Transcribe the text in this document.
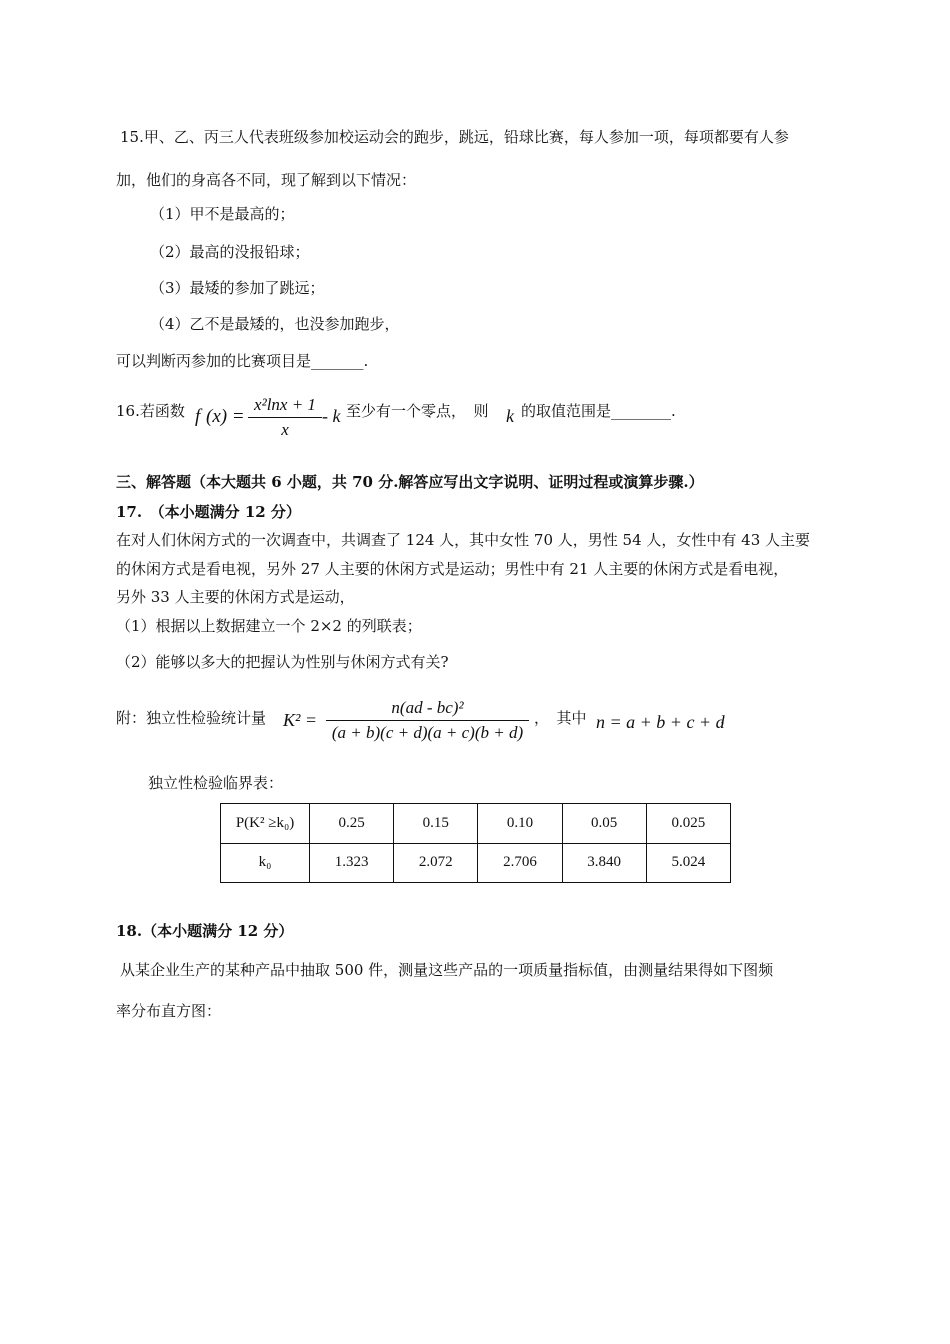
15.甲、乙、丙三人代表班级参加校运动会的跑步，跳远，铅球比赛，每人参加一项，每项都要有人参
加，他们的身高各不同，现了解到以下情况：
（1）甲不是最高的；
（2）最高的没报铅球；
（3）最矮的参加了跳远；
（4）乙不是最矮的，也没参加跑步，
可以判断丙参加的比赛项目是_______.
16.若函数 f (x) =
x²lnx + 1
x
- k 至少有一个零点，　则 k 的取值范围是________.
三、解答题（本大题共 6 小题，共 70 分.解答应写出文字说明、证明过程或演算步骤.）
17.　（本小题满分 12 分）
在对人们休闲方式的一次调查中，共调查了 124 人，其中女性 70 人，男性 54 人，女性中有 43 人主要
的休闲方式是看电视，另外 27 人主要的休闲方式是运动；男性中有 21 人主要的休闲方式是看电视，
另外 33 人主要的休闲方式是运动，
（1）根据以上数据建立一个 2×2 的列联表；
（2）能够以多大的把握认为性别与休闲方式有关?
附：独立性检验统计量 K² =
n(ad - bc)²
(a + b)(c + d)(a + c)(b + d)
，　其中 n = a + b + c + d
，
独立性检验临界表：
P(K² ≥k₀)	0.25	0.15	0.10	0.05	0.025
k₀	1.323	2.072	2.706	3.840	5.024
18.（本小题满分 12 分）
从某企业生产的某种产品中抽取 500 件，测量这些产品的一项质量指标值，由测量结果得如下图频
率分布直方图：
